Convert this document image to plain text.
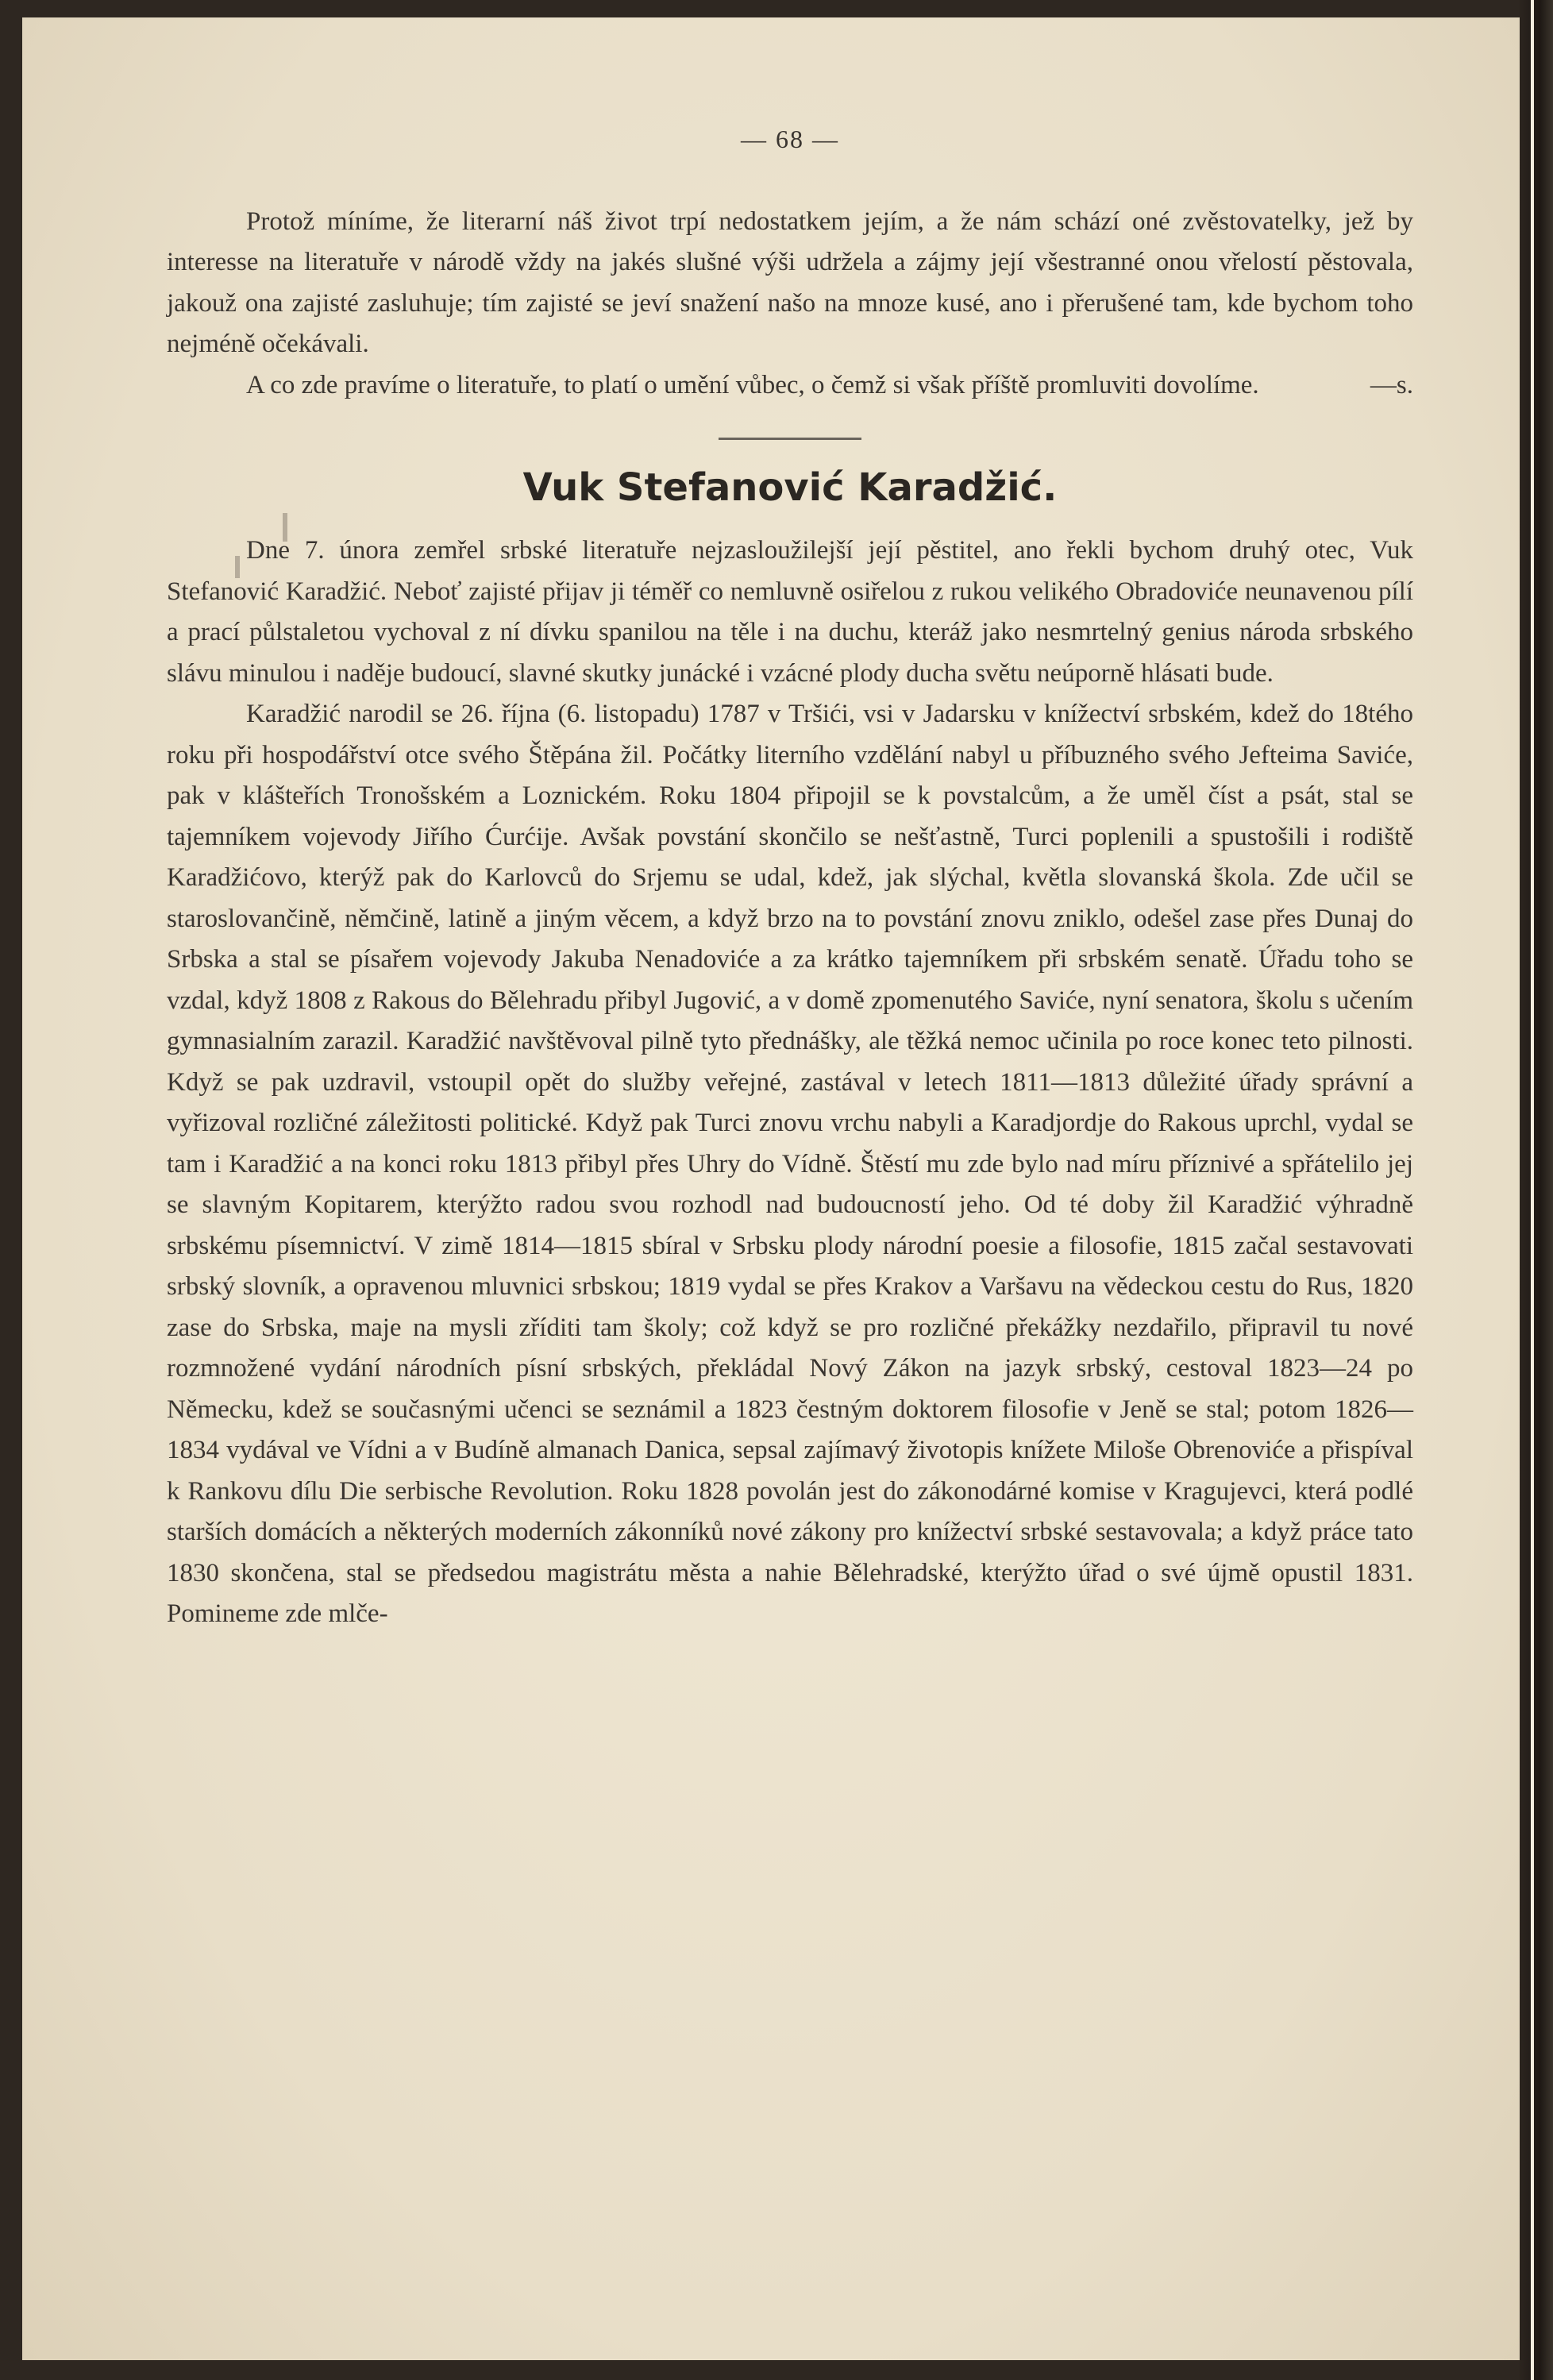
— 68 —

Protož míníme, že literarní náš život trpí nedostatkem jejím, a že nám schází oné zvěstovatelky, jež by interesse na literatuře v národě vždy na jakés slušné výši udržela a zájmy její všestranné onou vřelostí pěstovala, jakouž ona zajisté zasluhuje; tím zajisté se jeví snažení našo na mnoze kusé, ano i přerušené tam, kde bychom toho nejméně očekávali.

A co zde pravíme o literatuře, to platí o umění vůbec, o čemž si však příště promluviti dovolíme.	—s.

Vuk Stefanović Karadžić.

Dne 7. února zemřel srbské literatuře nejzasloužilejší její pěstitel, ano řekli bychom druhý otec, Vuk Stefanović Karadžić. Neboť zajisté přijav ji téměř co nemluvně osiřelou z rukou velikého Obradoviće neunavenou pílí a prací půlstaletou vychoval z ní dívku spanilou na těle i na duchu, kteráž jako nesmrtelný genius národa srbského slávu minulou i naděje budoucí, slavné skutky junácké i vzácné plody ducha světu neúporně hlásati bude.

Karadžić narodil se 26. října (6. listopadu) 1787 v Tršići, vsi v Jadarsku v knížectví srbském, kdež do 18tého roku při hospodářství otce svého Štěpána žil. Počátky literního vzdělání nabyl u příbuzného svého Jefteima Saviće, pak v klášteřích Tronošském a Loznickém. Roku 1804 připojil se k povstalcům, a že uměl číst a psát, stal se tajemníkem vojevody Jiřího Ćurćije. Avšak povstání skončilo se nešťastně, Turci poplenili a spustošili i rodiště Karadžićovo, kterýž pak do Karlovců do Srjemu se udal, kdež, jak slýchal, květla slovanská škola. Zde učil se staroslovančině, němčině, latině a jiným věcem, a když brzo na to povstání znovu zniklo, odešel zase přes Dunaj do Srbska a stal se písařem vojevody Jakuba Nenadoviće a za krátko tajemníkem při srbském senatě. Úřadu toho se vzdal, když 1808 z Rakous do Bělehradu přibyl Jugović, a v domě zpomenutého Saviće, nyní senatora, školu s učením gymnasialním zarazil. Karadžić navštěvoval pilně tyto přednášky, ale těžká nemoc učinila po roce konec teto pilnosti. Když se pak uzdravil, vstoupil opět do služby veřejné, zastával v letech 1811—1813 důležité úřady správní a vyřizoval rozličné záležitosti politické. Když pak Turci znovu vrchu nabyli a Karadjordje do Rakous uprchl, vydal se tam i Karadžić a na konci roku 1813 přibyl přes Uhry do Vídně. Štěstí mu zde bylo nad míru příznivé a spřátelilo jej se slavným Kopitarem, kterýžto radou svou rozhodl nad budoucností jeho. Od té doby žil Karadžić výhradně srbskému písemnictví. V zimě 1814—1815 sbíral v Srbsku plody národní poesie a filosofie, 1815 začal sestavovati srbský slovník, a opravenou mluvnici srbskou; 1819 vydal se přes Krakov a Varšavu na vědeckou cestu do Rus, 1820 zase do Srbska, maje na mysli zříditi tam školy; což když se pro rozličné překážky nezdařilo, připravil tu nové rozmnožené vydání národních písní srbských, překládal Nový Zákon na jazyk srbský, cestoval 1823—24 po Německu, kdež se současnými učenci se seznámil a 1823 čestným doktorem filosofie v Jeně se stal; potom 1826—1834 vydával ve Vídni a v Budíně almanach Danica, sepsal zajímavý životopis knížete Miloše Obrenoviće a přispíval k Rankovu dílu Die serbische Revolution. Roku 1828 povolán jest do zákonodárné komise v Kragujevci, která podlé starších domácích a některých moderních zákonníků nové zákony pro knížectví srbské sestavovala; a když práce tato 1830 skončena, stal se předsedou magistrátu města a nahie Bělehradské, kterýžto úřad o své újmě opustil 1831. Pomineme zde mlče-
